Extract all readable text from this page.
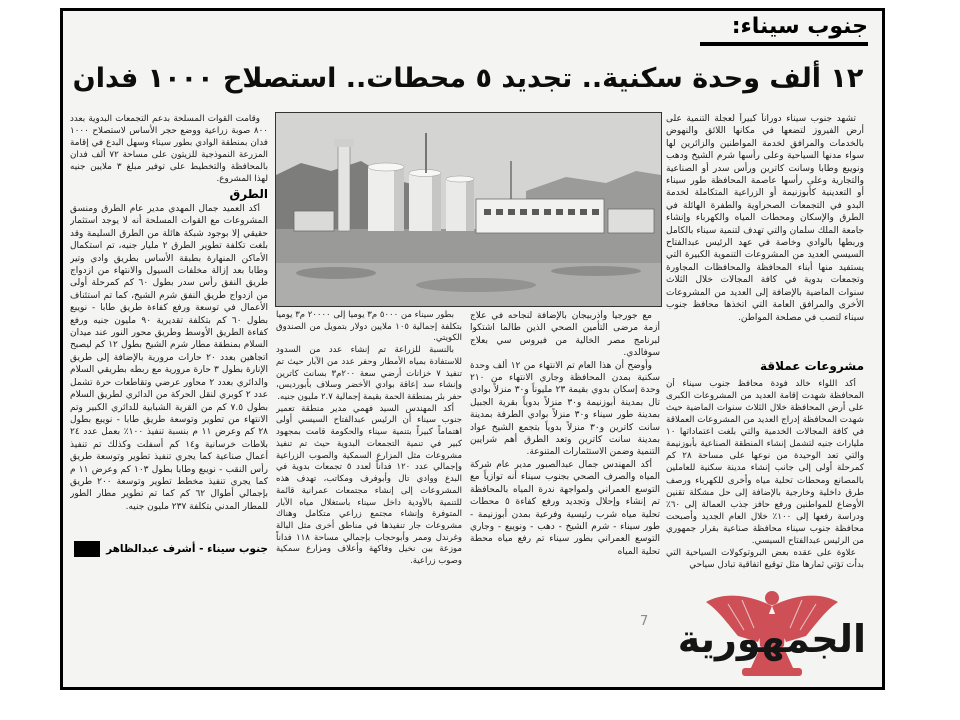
جنوب سيناء:
١٢ ألف وحدة سكنية.. تجديد ٥ محطات.. استصلاح ١٠٠٠ فدان

وقامت القوات المسلحة بدعم التجمعات البدوية بعدد ٨٠٠ صوبة زراعية ووضع حجر الأساس لاستصلاح ١٠٠٠ فدان بمنطقة الوادي بطور سيناء وسهل البدع في إقامة المزرعة النموذجية للزيتون على مساحة ٧٢ ألف فدان بالمحافظة والتخطيط على توفير مبلغ ٣ ملايين جنيه لهذا المشروع.

الطرق

أكد العميد جمال المهدي مدير عام الطرق ومنسق المشروعات مع القوات المسلحة أنه لا يوجد استثمار حقيقي إلا بوجود شبكة هائلة من الطرق السليمة وقد بلغت تكلفة تطوير الطرق ٢ مليار جنيه، تم استكمال الأماكن المنهارة بطبقة الأساس بطريق وادي وتير وطابا بعد إزالة مخلفات السيول والانتهاء من ازدواج طريق النفق رأس سدر بطول ٦٠ كم كمرحلة أولى من ازدواج طريق النفق شرم الشيخ، كما تم استئناف الأعمال في توسعة ورفع كفاءة طريق طابا - نويبع بطول ٦٠ كم بتكلفة تقديرية ٩٠ مليون جنيه ورفع كفاءة الطريق الأوسط وطريق محور النور عند ميدان السلام بمنطقة مطار شرم الشيخ بطول ١٢ كم ليصبح اتجاهين بعدد ٢٠ حارات مرورية بالإضافة إلى طريق الإنارة بطول ٣ حارة مرورية مع ربطه بطريقي السلام والدائري بعدد ٢ محاور عرضي وتقاطعات حرة تشمل عدد ٢ كوبري لنقل الحركة من الدائري لطريق السلام بطول ٧.٥ كم من القرية الشبابية للدائري الكبير وتم الانتهاء من تطوير وتوسعة طريق طابا - نويبع بطول ٢٨ كم وعرض ١١ م بنسبة تنفيذ ١٠٠٪ بعمل عدد ٢٤ بلاطات خرسانية و١٤ كم أسفلت وكذلك تم تنفيذ أعمال صناعية كما يجري تنفيذ تطوير وتوسعة طريق رأس النقب - نويبع وطابا بطول ١٠٣ كم وعرض ١١ م كما يجري تنفيذ مخطط تطوير وتوسعة ٢٠٠ طريق بإجمالي أطوال ٦٢ كم كما تم تطوير مطار الطور للمطار المدني بتكلفة ٢٣٧ مليون جنيه.

جنوب سيناء - أشرف عبدالظاهر

بطور سيناء من ٥٠٠٠ م٣ يومياً إلى ٢٠٠٠٠ م٣ يومياً بتكلفة إجمالية ١٠٥ ملايين دولار بتمويل من الصندوق الكويتي.

بالنسبة للزراعة تم إنشاء عدد من السدود للاستفادة بمياه الأمطار وحفر عدد من الآبار حيث تم تنفيذ ٧ خزانات أرضي سعة ٢٠٠م٣ بسانت كاترين وإنشاء سد إعاقة بوادي الأخضر وسلاف بأبورديس، حفر بئر بمنطقة الحمة بقيمة إجمالية ٢.٧ مليون جنيه.

أكد المهندس السيد فهمي مدير منطقة تعمير جنوب سيناء أن الرئيس عبدالفتاح السيسي أولى اهتماماً كبيراً بتنمية سيناء والحكومة قامت بمجهود كبير في تنمية التجمعات البدوية حيث تم تنفيذ مشروعات مثل المزارع السمكية والصوب الزراعية وإجمالي عدد ١٢٠ فداناً لعدد ٥ تجمعات بدوية في البدع ووادي تال وأبوفرف ومكاتب، تهدف هذه المشروعات إلى إنشاء مجتمعات عمرانية قائمة للتنمية بالأودية داخل سيناء باستغلال مياه الآبار المتوفرة وإنشاء مجتمع زراعي متكامل وهناك مشروعات جار تنفيذها في مناطق أخرى مثل البالة وغرندل وممر وأبوحجاب بإجمالي مساحة ١١٨ فداناً موزعة بين نخيل وفاكهة وأعلاف ومزارع سمكية وصوب زراعية.

مع جورجيا وأذربيجان بالإضافة لنجاحه في علاج أزمة مرضى التأمين الصحي الذين طالما اشتكوا لبرنامج مصر الخالية من فيروس سي بعلاج سوفالدي.

وأوضح أن هذا العام تم الانتهاء من ١٢ ألف وحدة سكنية بمدن المحافظة وجاري الانتهاء من ٢١٠ وحدة إسكان بدوي بقيمة ٢٣ مليوناً و٣٠ منزلاً بوادي تال بمدينة أبوزنيمة و٣٠ منزلاً بدوياً بقرية الجبيل بمدينة طور سيناء و٣٠ منزلاً بوادي الطرفة بمدينة سانت كاترين و٣٠ منزلاً بدوياً بتجمع الشيخ عواد بمدينة سانت كاترين وتعد الطرق أهم شرايين التنمية وضمن الاستثمارات المتنوعة.

أكد المهندس جمال عبدالصبور مدير عام شركة المياه والصرف الصحي بجنوب سيناء أنه توازياً مع التوسع العمراني ولمواجهة ندرة المياه بالمحافظة تم إنشاء وإحلال وتجديد ورفع كفاءة ٥ محطات تحلية مياه شرب رئيسية وفرعية بمدن أبوزنيمة - طور سيناء - شرم الشيخ - دهب - ونويبع - وجاري التوسع العمراني بطور سيناء تم رفع مياه محطة تحلية المياه

تشهد جنوب سيناء دوراناً كبيراً لعجلة التنمية على أرض الفيروز لتضعها في مكانها اللائق والنهوض بالخدمات والمرافق لخدمة المواطنين والزائرين لها سواء مدنها السياحية وعلى رأسها شرم الشيخ ودهب ونويبع وطابا وسانت كاترين ورأس سدر أو الصناعية والتجارية وعلى رأسها عاصمة المحافظة طور سيناء أو التعدينية كأبوزنيمة أو الزراعية المتكاملة لخدمة البدو في التجمعات الصحراوية والطفرة الهائلة في الطرق والإسكان ومحطات المياه والكهرباء وإنشاء جامعة الملك سلمان والتي تهدف لتنمية سيناء بالكامل وربطها بالوادي وخاصة في عهد الرئيس عبدالفتاح السيسي العديد من المشروعات التنموية الكبيرة التي يستفيد منها أبناء المحافظة والمحافظات المجاورة وتجمعات بدوية في كافة المجالات خلال الثلاث سنوات الماضية بالإضافة إلى العديد من المشروعات الأخرى والمرافق العامة التي اتخذها محافظ جنوب سيناء لتصب في مصلحة المواطن.

مشروعات عملاقة

أكد اللواء خالد فودة محافظ جنوب سيناء أن المحافظة شهدت إقامة العديد من المشروعات الكبرى على أرض المحافظة خلال الثلاث سنوات الماضية حيث شهدت المحافظة إدراج العديد من المشروعات العملاقة في كافة المجالات الخدمية والتي بلغت اعتماداتها ١٠ مليارات جنيه لتشمل إنشاء المنطقة الصناعية بأبوزنيمة والتي تعد الوحيدة من نوعها على مساحة ٢٨ كم كمرحلة أولى إلى جانب إنشاء مدينة سكنية للعاملين بالمصانع ومحطات تحلية مياه وأخرى للكهرباء ورصف طرق داخلية وخارجية بالإضافة إلى حل مشكلة تقنين الأوضاع للمواطنين ورفع حافز جذب العمالة إلى ٦٠٪ ودراسة رفعها إلى ١٠٠٪ خلال العام الجديد وأصبحت محافظة جنوب سيناء محافظة صناعية بقرار جمهوري من الرئيس عبدالفتاح السيسي.

علاوة على عقده بعض البروتوكولات السياحية التي بدأت تؤتي ثمارها مثل توقيع اتفاقية تبادل سياحي

7 الجمهورية
